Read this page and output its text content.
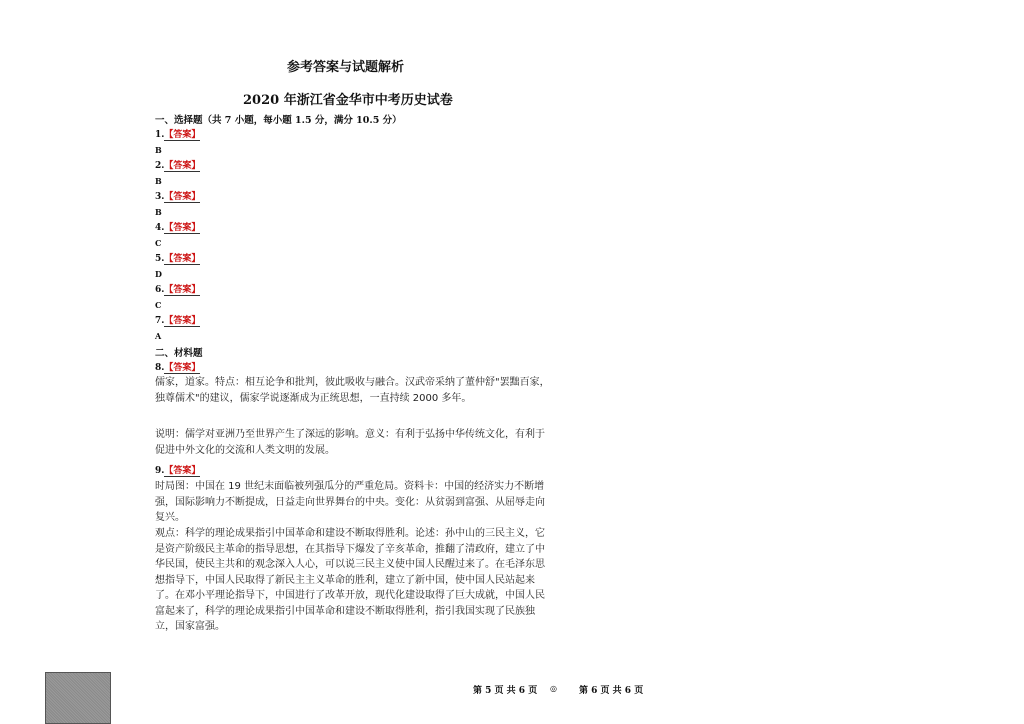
参考答案与试题解析
2020 年浙江省金华市中考历史试卷
一、选择题（共 7 小题，每小题 1.5 分，满分 10.5 分）
1.【答案】
B
2.【答案】
B
3.【答案】
B
4.【答案】
C
5.【答案】
D
6.【答案】
C
7.【答案】
A
二、材料题
8.【答案】

儒家，道家。特点：相互论争和批判，彼此吸收与融合。汉武帝采纳了董仲舒"罢黜百家，独尊儒术"的建议，儒家学说逐渐成为正统思想，一直持续 2000 多年。

说明：儒学对亚洲乃至世界产生了深远的影响。意义：有利于弘扬中华传统文化，有利于促进中外文化的交流和人类文明的发展。

9.【答案】

时局图：中国在 19 世纪末面临被列强瓜分的严重危局。资料卡：中国的经济实力不断增强，国际影响力不断提成，日益走向世界舞台的中央。变化：从贫弱到富强、从屈辱走向复兴。

观点：科学的理论成果指引中国革命和建设不断取得胜利。论述：孙中山的三民主义，它是资产阶级民主革命的指导思想，在其指导下爆发了辛亥革命，推翻了清政府，建立了中华民国，使民主共和的观念深入人心，可以说三民主义使中国人民醒过来了。在毛泽东思想指导下，中国人民取得了新民主主义革命的胜利，建立了新中国，使中国人民站起来了。在邓小平理论指导下，中国进行了改革开放，现代化建设取得了巨大成就，中国人民富起来了，科学的理论成果指引中国革命和建设不断取得胜利，指引我国实现了民族独立，国家富强。

第 5 页 共 6 页 ◎ 第 6 页 共 6 页
